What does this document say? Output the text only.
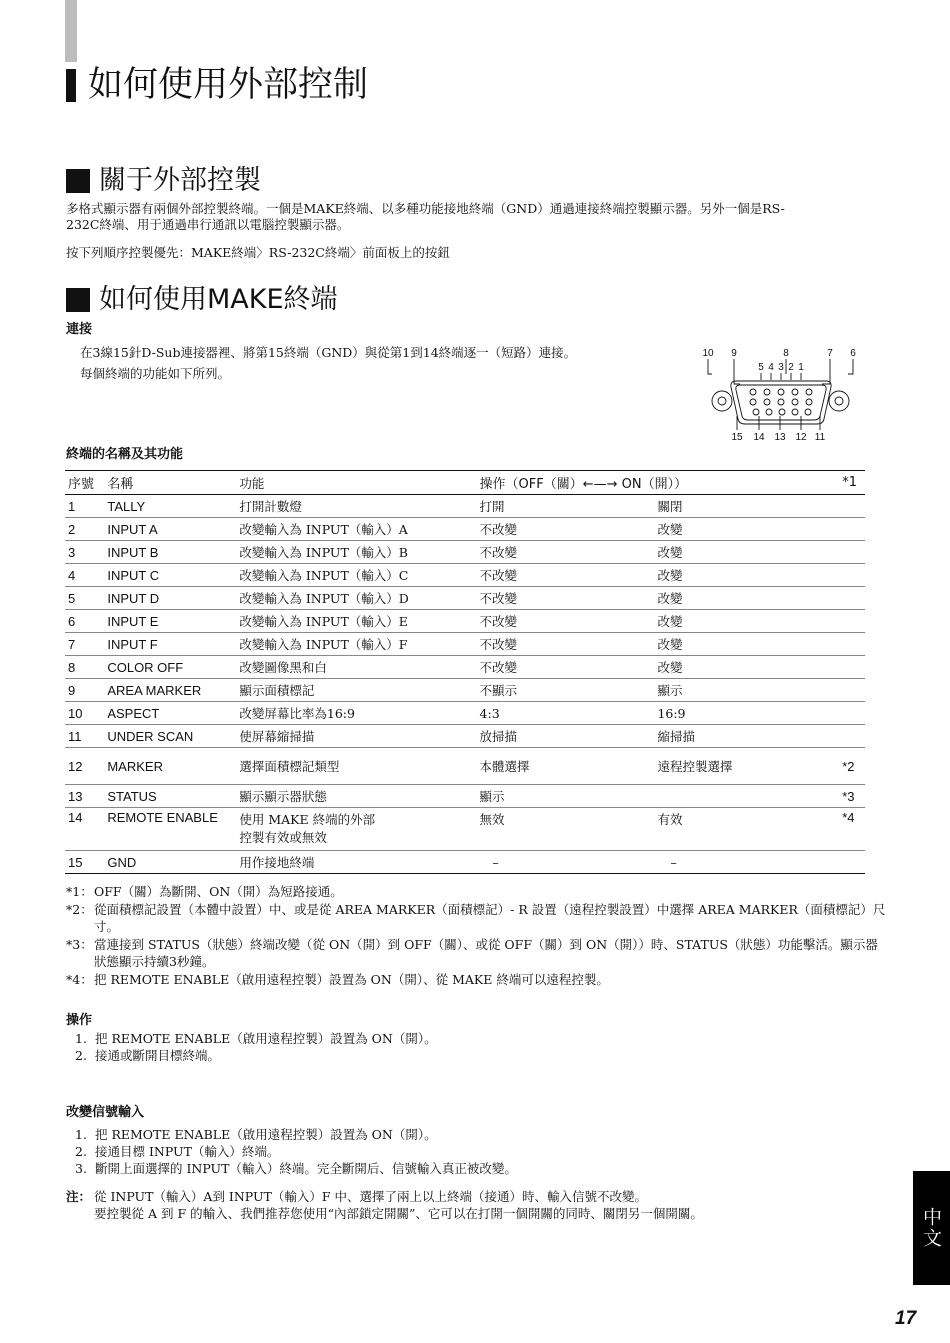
如何使用外部控制
關于外部控製
多格式顯示器有兩個外部控製終端。一個是MAKE終端、以多種功能接地終端（GND）通過連接終端控製顯示器。另外一個是RS-
232C終端、用于通過串行通訊以電腦控製顯示器。
按下列順序控製優先：MAKE終端〉RS-232C終端〉前面板上的按鈕
如何使用MAKE終端
連接
在3線15針D-Sub連接器裡、將第15終端（GND）與從第1到14終端逐一（短路）連接。
每個終端的功能如下所列。
10 9	8	7 6
5 4 3 2 1
15 14 13 12 11
終端的名稱及其功能
序號	名稱	功能	操作（OFF（關）←—→ ON（開））		*1
1	TALLY	打開計數燈	打開	關閉	
2	INPUT A	改變輸入為 INPUT（輸入）A	不改變	改變	
3	INPUT B	改變輸入為 INPUT（輸入）B	不改變	改變	
4	INPUT C	改變輸入為 INPUT（輸入）C	不改變	改變	
5	INPUT D	改變輸入為 INPUT（輸入）D	不改變	改變	
6	INPUT E	改變輸入為 INPUT（輸入）E	不改變	改變	
7	INPUT F	改變輸入為 INPUT（輸入）F	不改變	改變	
8	COLOR OFF	改變圖像黑和白	不改變	改變	
9	AREA MARKER	顯示面積標記	不顯示	顯示	
10	ASPECT	改變屏幕比率為16:9	4:3	16:9	
11	UNDER SCAN	使屏幕縮掃描	放掃描	縮掃描	
12	MARKER	選擇面積標記類型	本體選擇	遠程控製選擇	*2
13	STATUS	顯示顯示器狀態	顯示		*3
14	REMOTE ENABLE	使用 MAKE 終端的外部
控製有效或無效	無效	有效	*4
15	GND	用作接地終端	–	–	
*1： OFF（關）為斷開、ON（開）為短路接通。
*2： 從面積標記設置（本體中設置）中、或是從 AREA MARKER（面積標記）- R 設置（遠程控製設置）中選擇 AREA MARKER（面積標記）尺寸。
*3： 當連接到 STATUS（狀態）終端改變（從 ON（開）到 OFF（關）、或從 OFF（關）到 ON（開））時、STATUS（狀態）功能擊活。顯示器狀態顯示持續3秒鐘。
*4： 把 REMOTE ENABLE（啟用遠程控製）設置為 ON（開）、從 MAKE 終端可以遠程控製。
操作
1. 把 REMOTE ENABLE（啟用遠程控製）設置為 ON（開）。
2. 接通或斷開目標終端。
改變信號輸入
1. 把 REMOTE ENABLE（啟用遠程控製）設置為 ON（開）。
2. 接通目標 INPUT（輸入）終端。
3. 斷開上面選擇的 INPUT（輸入）終端。完全斷開后、信號輸入真正被改變。
注： 從 INPUT（輸入）A到 INPUT（輸入）F 中、選擇了兩上以上終端（接通）時、輸入信號不改變。
要控製從 A 到 F 的輸入、我們推荐您使用“內部鎖定開關”、它可以在打開一個開關的同時、關閉另一個開關。	中文
17
